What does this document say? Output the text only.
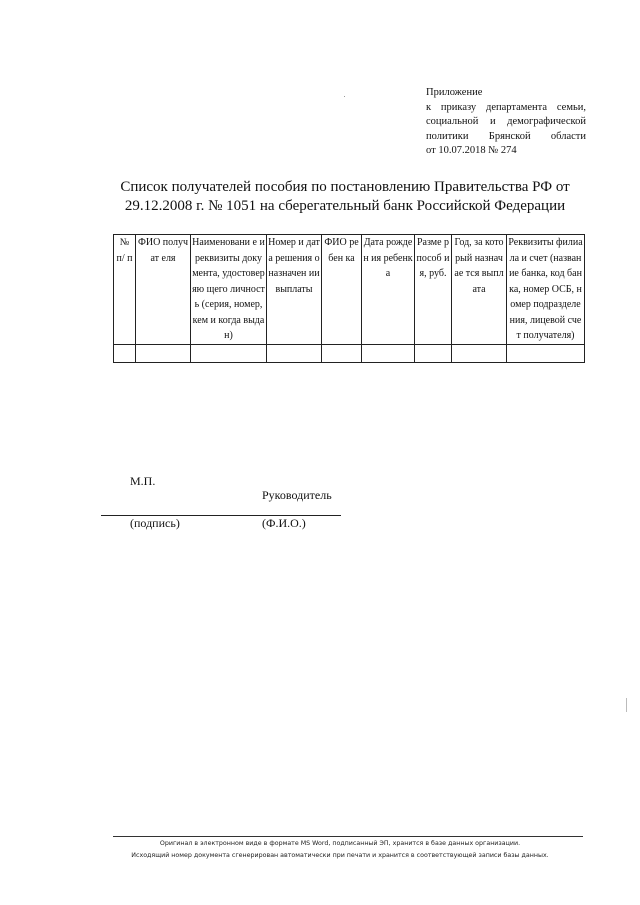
Приложение
к приказу департамента семьи,
социальной и демографической
политики Брянской области
от 10.07.2018 № 274
Список получателей пособия по постановлению Правительства РФ от
29.12.2008 г. № 1051 на сберегательный банк Российской Федерации
№ п/ п	ФИО получат еля	Наименовани е и реквизиты документа, удостоверяю щего личность (серия, номер, кем и когда выдан)	Номер и дата решения о назначен ии выплаты	ФИО ребен ка	Дата рожден ия ребенк а	Разме р пособ ия, руб.	Год, за который назначае тся выплата	Реквизиты филиала и счет (название банка, код банка, номер ОСБ, номер подразделе ния, лицевой счет получателя)

М.П.
Руководитель
(подпись)	(Ф.И.О.)
Оригинал в электронном виде в формате MS Word, подписанный ЭП, хранится в базе данных организации.
Исходящий номер документа сгенерирован автоматически при печати и хранится в соответствующей записи базы данных.
